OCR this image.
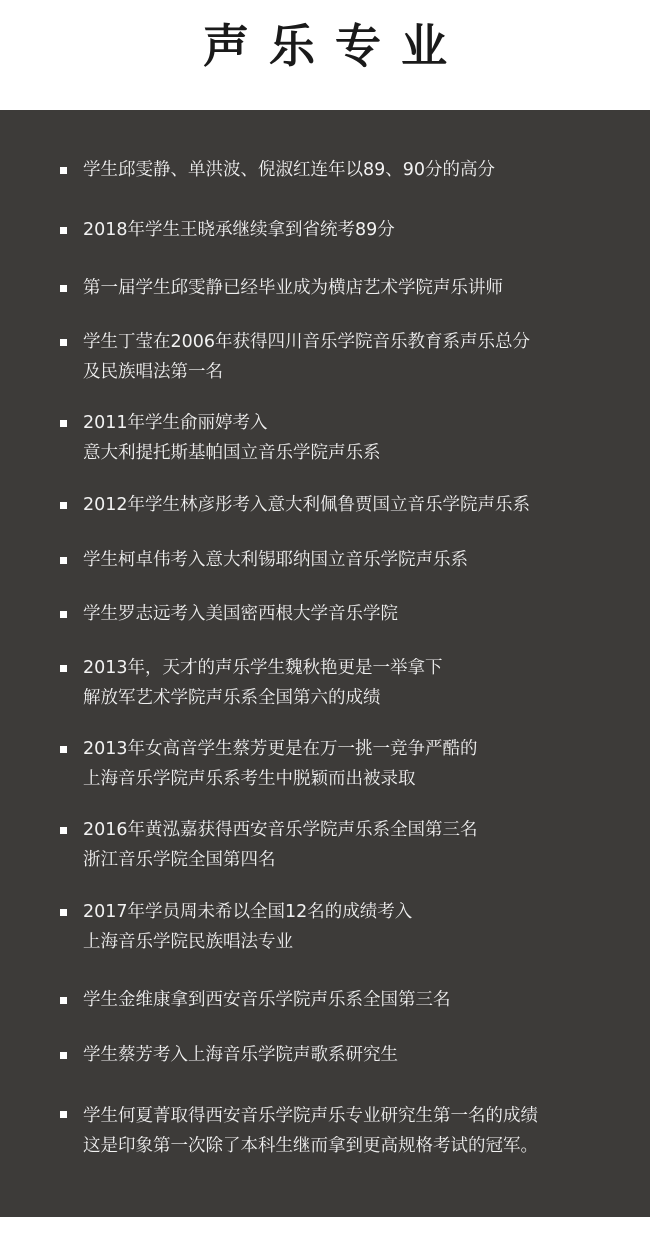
声乐专业
学生邱雯静、单洪波、倪淑红连年以89、90分的高分
2018年学生王晓承继续拿到省统考89分
第一届学生邱雯静已经毕业成为横店艺术学院声乐讲师
学生丁莹在2006年获得四川音乐学院音乐教育系声乐总分
及民族唱法第一名
2011年学生俞丽婷考入
意大利提托斯基帕国立音乐学院声乐系
2012年学生林彦彤考入意大利佩鲁贾国立音乐学院声乐系
学生柯卓伟考入意大利锡耶纳国立音乐学院声乐系
学生罗志远考入美国密西根大学音乐学院
2013年，天才的声乐学生魏秋艳更是一举拿下
解放军艺术学院声乐系全国第六的成绩
2013年女高音学生蔡芳更是在万一挑一竞争严酷的
上海音乐学院声乐系考生中脱颖而出被录取
2016年黄泓嘉获得西安音乐学院声乐系全国第三名
浙江音乐学院全国第四名
2017年学员周未希以全国12名的成绩考入
上海音乐学院民族唱法专业
学生金维康拿到西安音乐学院声乐系全国第三名
学生蔡芳考入上海音乐学院声歌系研究生
学生何夏菁取得西安音乐学院声乐专业研究生第一名的成绩
这是印象第一次除了本科生继而拿到更高规格考试的冠军。
